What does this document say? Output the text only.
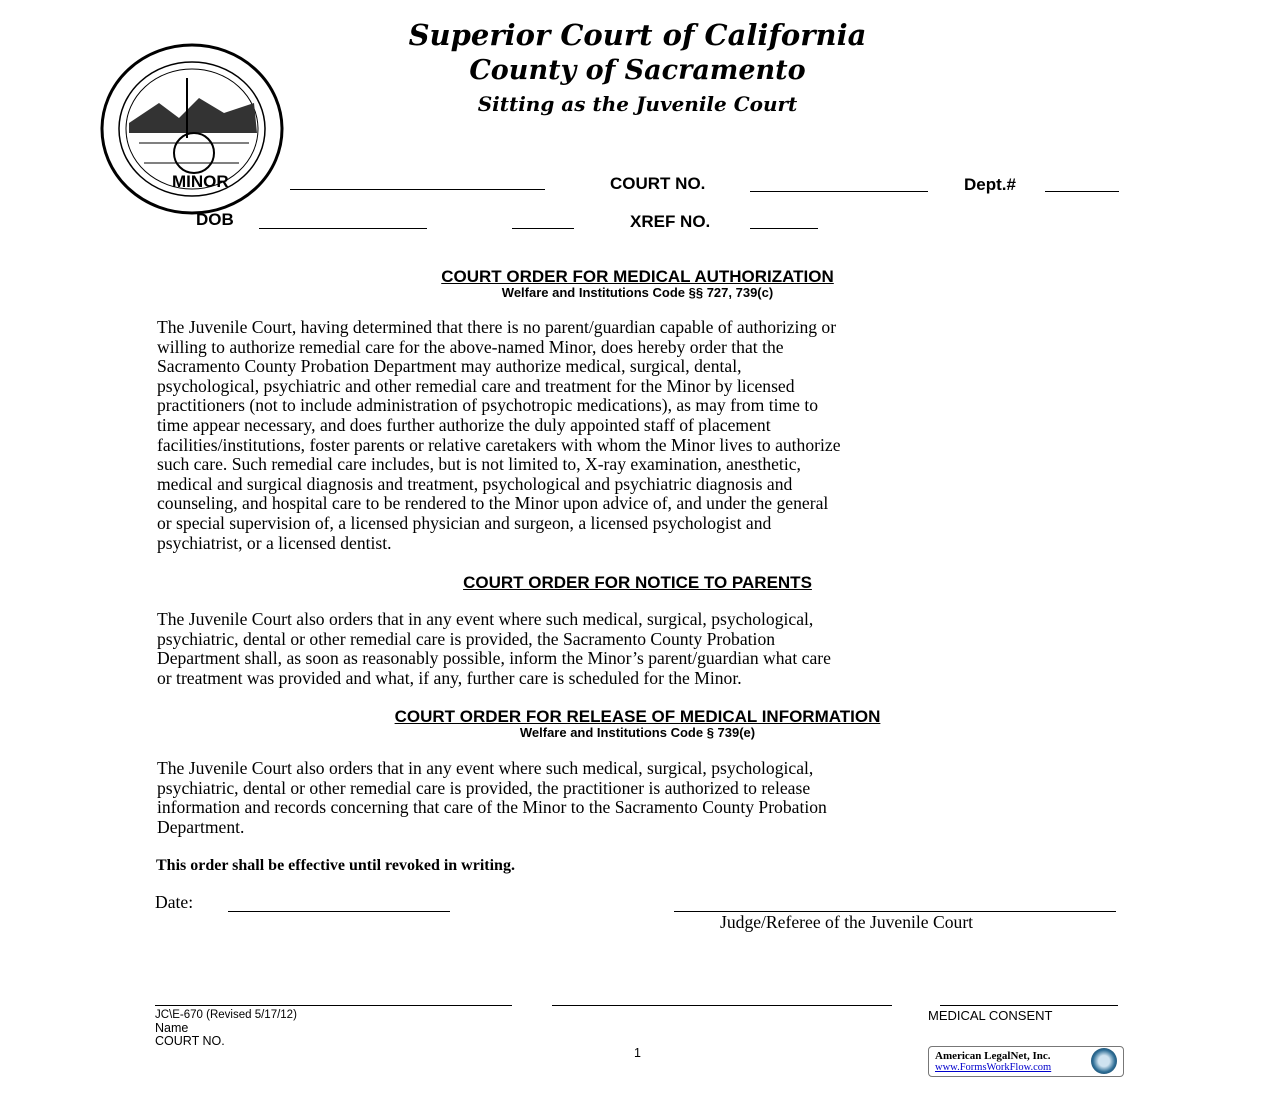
Superior Court of California
County of Sacramento
Sitting as the Juvenile Court
MINOR	COURT NO.	Dept.#
DOB	XREF NO.
COURT ORDER FOR MEDICAL AUTHORIZATION
Welfare and Institutions Code §§ 727, 739(c)
The Juvenile Court, having determined that there is no parent/guardian capable of authorizing or
willing to authorize remedial care for the above-named Minor, does hereby order that the
Sacramento County Probation Department may authorize medical, surgical, dental,
psychological, psychiatric and other remedial care and treatment for the Minor by licensed
practitioners (not to include administration of psychotropic medications), as may from time to
time appear necessary, and does further authorize the duly appointed staff of placement
facilities/institutions, foster parents or relative caretakers with whom the Minor lives to authorize
such care. Such remedial care includes, but is not limited to, X-ray examination, anesthetic,
medical and surgical diagnosis and treatment, psychological and psychiatric diagnosis and
counseling, and hospital care to be rendered to the Minor upon advice of, and under the general
or special supervision of, a licensed physician and surgeon, a licensed psychologist and
psychiatrist, or a licensed dentist.
COURT ORDER FOR NOTICE TO PARENTS
The Juvenile Court also orders that in any event where such medical, surgical, psychological,
psychiatric, dental or other remedial care is provided, the Sacramento County Probation
Department shall, as soon as reasonably possible, inform the Minor’s parent/guardian what care
or treatment was provided and what, if any, further care is scheduled for the Minor.
COURT ORDER FOR RELEASE OF MEDICAL INFORMATION
Welfare and Institutions Code § 739(e)
The Juvenile Court also orders that in any event where such medical, surgical, psychological,
psychiatric, dental or other remedial care is provided, the practitioner is authorized to release
information and records concerning that care of the Minor to the Sacramento County Probation
Department.
This order shall be effective until revoked in writing.
Date:
Judge/Referee of the Juvenile Court
JC\E-670 (Revised 5/17/12)
Name
COURT NO.
MEDICAL CONSENT
1	American LegalNet, Inc.
www.FormsWorkFlow.com
